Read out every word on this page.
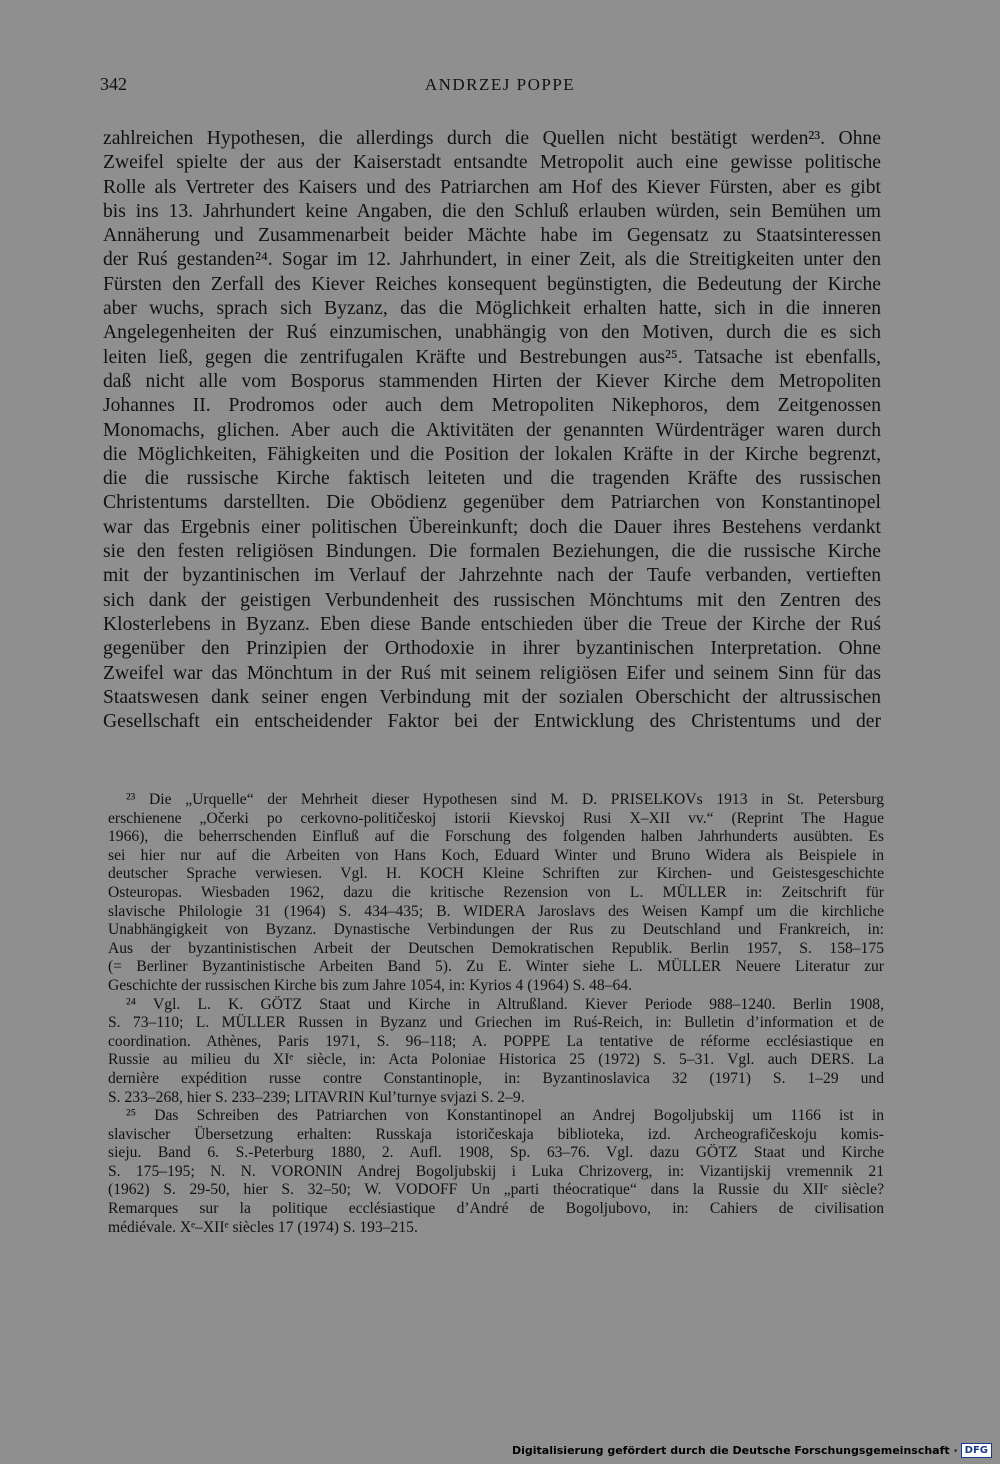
342	ANDRZEJ POPPE
zahlreichen Hypothesen, die allerdings durch die Quellen nicht bestätigt werden²³. Ohne
Zweifel spielte der aus der Kaiserstadt entsandte Metropolit auch eine gewisse politische
Rolle als Vertreter des Kaisers und des Patriarchen am Hof des Kiever Fürsten, aber es gibt
bis ins 13. Jahrhundert keine Angaben, die den Schluß erlauben würden, sein Bemühen um
Annäherung und Zusammenarbeit beider Mächte habe im Gegensatz zu Staatsinteressen
der Ruś gestanden²⁴. Sogar im 12. Jahrhundert, in einer Zeit, als die Streitigkeiten unter den
Fürsten den Zerfall des Kiever Reiches konsequent begünstigten, die Bedeutung der Kirche
aber wuchs, sprach sich Byzanz, das die Möglichkeit erhalten hatte, sich in die inneren
Angelegenheiten der Ruś einzumischen, unabhängig von den Motiven, durch die es sich
leiten ließ, gegen die zentrifugalen Kräfte und Bestrebungen aus²⁵. Tatsache ist ebenfalls,
daß nicht alle vom Bosporus stammenden Hirten der Kiever Kirche dem Metropoliten
Johannes II. Prodromos oder auch dem Metropoliten Nikephoros, dem Zeitgenossen
Monomachs, glichen. Aber auch die Aktivitäten der genannten Würdenträger waren durch
die Möglichkeiten, Fähigkeiten und die Position der lokalen Kräfte in der Kirche begrenzt,
die die russische Kirche faktisch leiteten und die tragenden Kräfte des russischen
Christentums darstellten. Die Obödienz gegenüber dem Patriarchen von Konstantinopel
war das Ergebnis einer politischen Übereinkunft; doch die Dauer ihres Bestehens verdankt
sie den festen religiösen Bindungen. Die formalen Beziehungen, die die russische Kirche
mit der byzantinischen im Verlauf der Jahrzehnte nach der Taufe verbanden, vertieften
sich dank der geistigen Verbundenheit des russischen Mönchtums mit den Zentren des
Klosterlebens in Byzanz. Eben diese Bande entschieden über die Treue der Kirche der Ruś
gegenüber den Prinzipien der Orthodoxie in ihrer byzantinischen Interpretation. Ohne
Zweifel war das Mönchtum in der Ruś mit seinem religiösen Eifer und seinem Sinn für das
Staatswesen dank seiner engen Verbindung mit der sozialen Oberschicht der altrussischen
Gesellschaft ein entscheidender Faktor bei der Entwicklung des Christentums und der
²³ Die „Urquelle“ der Mehrheit dieser Hypothesen sind M. D. PRISELKOVs 1913 in St. Petersburg
erschienene „Očerki po cerkovno-političeskoj istorii Kievskoj Rusi X–XII vv.“ (Reprint The Hague
1966), die beherrschenden Einfluß auf die Forschung des folgenden halben Jahrhunderts ausübten. Es
sei hier nur auf die Arbeiten von Hans Koch, Eduard Winter und Bruno Widera als Beispiele in
deutscher Sprache verwiesen. Vgl. H. KOCH Kleine Schriften zur Kirchen- und Geistesgeschichte
Osteuropas. Wiesbaden 1962, dazu die kritische Rezension von L. MÜLLER in: Zeitschrift für
slavische Philologie 31 (1964) S. 434–435; B. WIDERA Jaroslavs des Weisen Kampf um die kirchliche
Unabhängigkeit von Byzanz. Dynastische Verbindungen der Rus zu Deutschland und Frankreich, in:
Aus der byzantinistischen Arbeit der Deutschen Demokratischen Republik. Berlin 1957, S. 158–175
(= Berliner Byzantinistische Arbeiten Band 5). Zu E. Winter siehe L. MÜLLER Neuere Literatur zur
Geschichte der russischen Kirche bis zum Jahre 1054, in: Kyrios 4 (1964) S. 48–64.
²⁴ Vgl. L. K. GÖTZ Staat und Kirche in Altrußland. Kiever Periode 988–1240. Berlin 1908,
S. 73–110; L. MÜLLER Russen in Byzanz und Griechen im Ruś-Reich, in: Bulletin d’information et de
coordination. Athènes, Paris 1971, S. 96–118; A. POPPE La tentative de réforme ecclésiastique en
Russie au milieu du XIᵉ siècle, in: Acta Poloniae Historica 25 (1972) S. 5–31. Vgl. auch DERS. La
dernière expédition russe contre Constantinople, in: Byzantinoslavica 32 (1971) S. 1–29 und
S. 233–268, hier S. 233–239; LITAVRIN Kul’turnye svjazi S. 2–9.
²⁵ Das Schreiben des Patriarchen von Konstantinopel an Andrej Bogoljubskij um 1166 ist in
slavischer Übersetzung erhalten: Russkaja istoričeskaja biblioteka, izd. Archeografičeskoju komis-
sieju. Band 6. S.-Peterburg 1880, 2. Aufl. 1908, Sp. 63–76. Vgl. dazu GÖTZ Staat und Kirche
S. 175–195; N. N. VORONIN Andrej Bogoljubskij i Luka Chrizoverg, in: Vizantijskij vremennik 21
(1962) S. 29-50, hier S. 32–50; W. VODOFF Un „parti théocratique“ dans la Russie du XIIᵉ siècle?
Remarques sur la politique ecclésiastique d’André de Bogoljubovo, in: Cahiers de civilisation
médiévale. Xᵉ–XIIᵉ siècles 17 (1974) S. 193–215.
Digitalisierung gefördert durch die Deutsche Forschungsgemeinschaft · DFG
